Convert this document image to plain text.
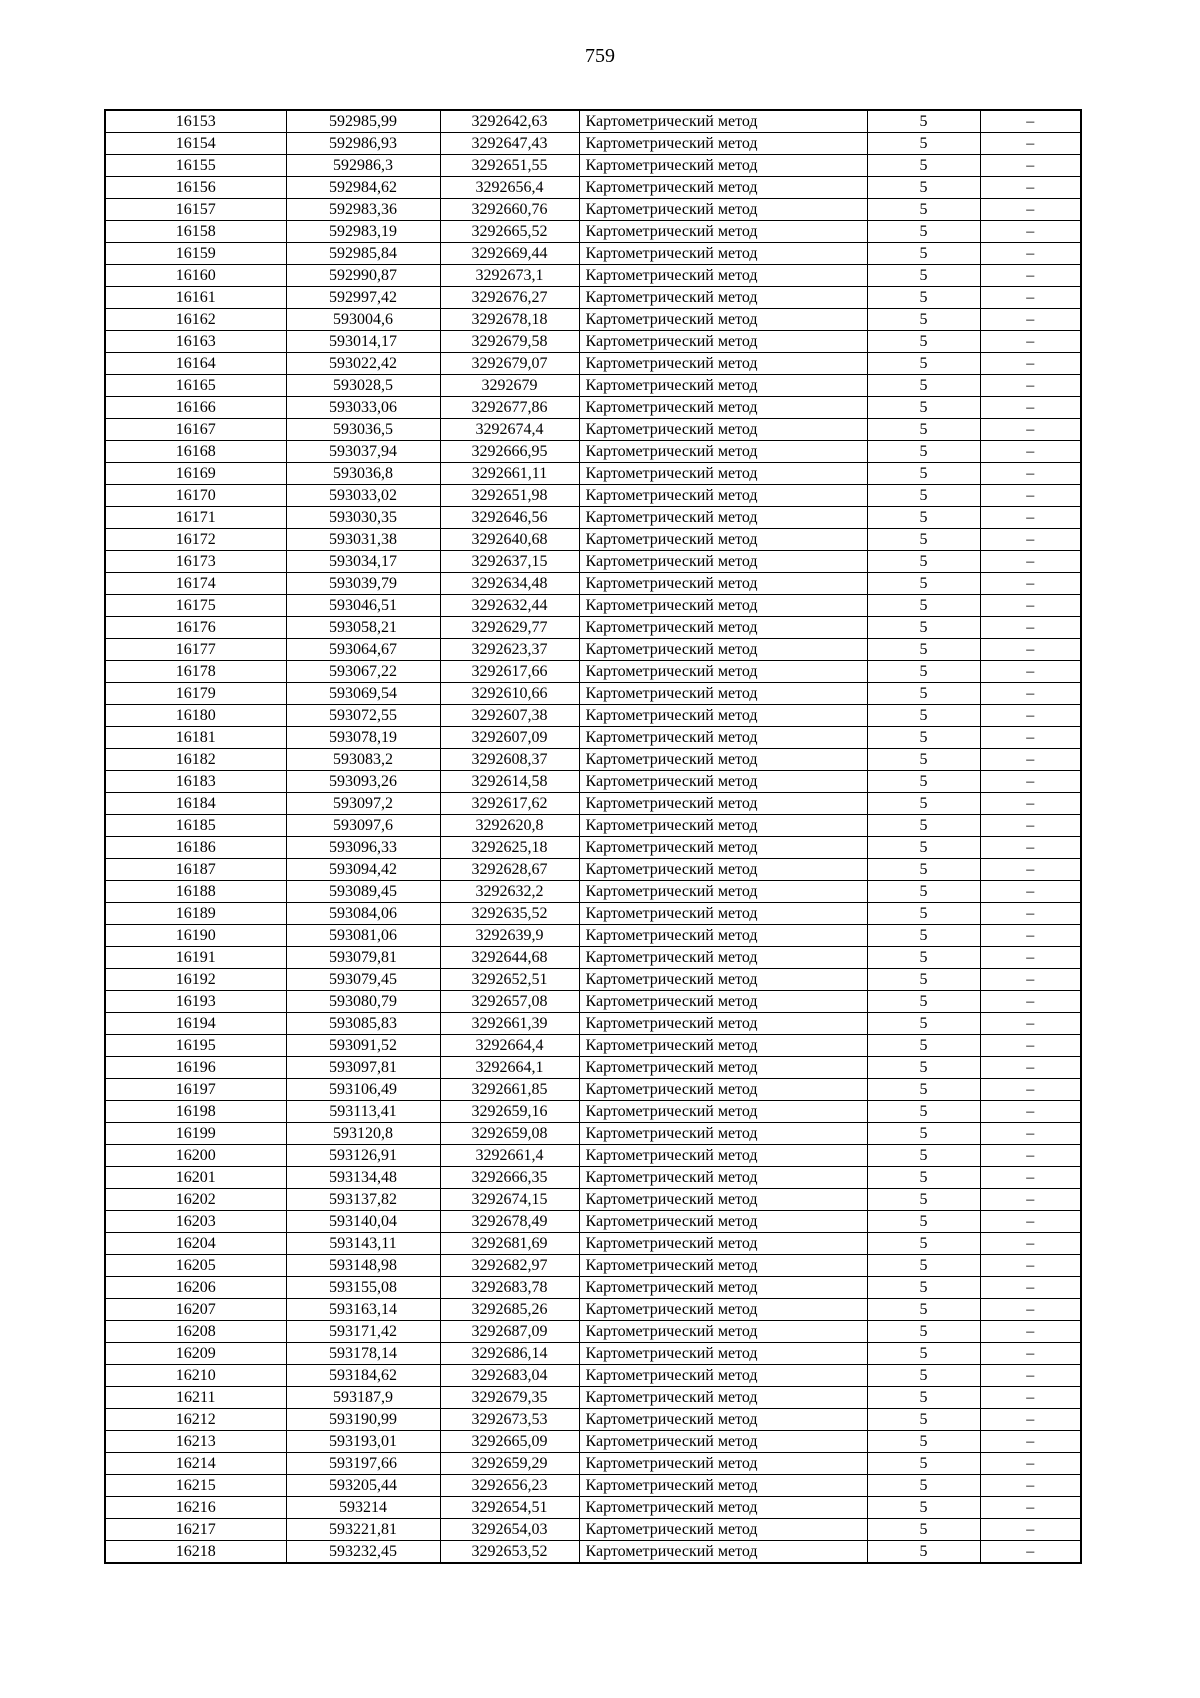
759
16153	592985,99	3292642,63	Картометрический метод	5	–
16154	592986,93	3292647,43	Картометрический метод	5	–
16155	592986,3	3292651,55	Картометрический метод	5	–
16156	592984,62	3292656,4	Картометрический метод	5	–
16157	592983,36	3292660,76	Картометрический метод	5	–
16158	592983,19	3292665,52	Картометрический метод	5	–
16159	592985,84	3292669,44	Картометрический метод	5	–
16160	592990,87	3292673,1	Картометрический метод	5	–
16161	592997,42	3292676,27	Картометрический метод	5	–
16162	593004,6	3292678,18	Картометрический метод	5	–
16163	593014,17	3292679,58	Картометрический метод	5	–
16164	593022,42	3292679,07	Картометрический метод	5	–
16165	593028,5	3292679	Картометрический метод	5	–
16166	593033,06	3292677,86	Картометрический метод	5	–
16167	593036,5	3292674,4	Картометрический метод	5	–
16168	593037,94	3292666,95	Картометрический метод	5	–
16169	593036,8	3292661,11	Картометрический метод	5	–
16170	593033,02	3292651,98	Картометрический метод	5	–
16171	593030,35	3292646,56	Картометрический метод	5	–
16172	593031,38	3292640,68	Картометрический метод	5	–
16173	593034,17	3292637,15	Картометрический метод	5	–
16174	593039,79	3292634,48	Картометрический метод	5	–
16175	593046,51	3292632,44	Картометрический метод	5	–
16176	593058,21	3292629,77	Картометрический метод	5	–
16177	593064,67	3292623,37	Картометрический метод	5	–
16178	593067,22	3292617,66	Картометрический метод	5	–
16179	593069,54	3292610,66	Картометрический метод	5	–
16180	593072,55	3292607,38	Картометрический метод	5	–
16181	593078,19	3292607,09	Картометрический метод	5	–
16182	593083,2	3292608,37	Картометрический метод	5	–
16183	593093,26	3292614,58	Картометрический метод	5	–
16184	593097,2	3292617,62	Картометрический метод	5	–
16185	593097,6	3292620,8	Картометрический метод	5	–
16186	593096,33	3292625,18	Картометрический метод	5	–
16187	593094,42	3292628,67	Картометрический метод	5	–
16188	593089,45	3292632,2	Картометрический метод	5	–
16189	593084,06	3292635,52	Картометрический метод	5	–
16190	593081,06	3292639,9	Картометрический метод	5	–
16191	593079,81	3292644,68	Картометрический метод	5	–
16192	593079,45	3292652,51	Картометрический метод	5	–
16193	593080,79	3292657,08	Картометрический метод	5	–
16194	593085,83	3292661,39	Картометрический метод	5	–
16195	593091,52	3292664,4	Картометрический метод	5	–
16196	593097,81	3292664,1	Картометрический метод	5	–
16197	593106,49	3292661,85	Картометрический метод	5	–
16198	593113,41	3292659,16	Картометрический метод	5	–
16199	593120,8	3292659,08	Картометрический метод	5	–
16200	593126,91	3292661,4	Картометрический метод	5	–
16201	593134,48	3292666,35	Картометрический метод	5	–
16202	593137,82	3292674,15	Картометрический метод	5	–
16203	593140,04	3292678,49	Картометрический метод	5	–
16204	593143,11	3292681,69	Картометрический метод	5	–
16205	593148,98	3292682,97	Картометрический метод	5	–
16206	593155,08	3292683,78	Картометрический метод	5	–
16207	593163,14	3292685,26	Картометрический метод	5	–
16208	593171,42	3292687,09	Картометрический метод	5	–
16209	593178,14	3292686,14	Картометрический метод	5	–
16210	593184,62	3292683,04	Картометрический метод	5	–
16211	593187,9	3292679,35	Картометрический метод	5	–
16212	593190,99	3292673,53	Картометрический метод	5	–
16213	593193,01	3292665,09	Картометрический метод	5	–
16214	593197,66	3292659,29	Картометрический метод	5	–
16215	593205,44	3292656,23	Картометрический метод	5	–
16216	593214	3292654,51	Картометрический метод	5	–
16217	593221,81	3292654,03	Картометрический метод	5	–
16218	593232,45	3292653,52	Картометрический метод	5	–
